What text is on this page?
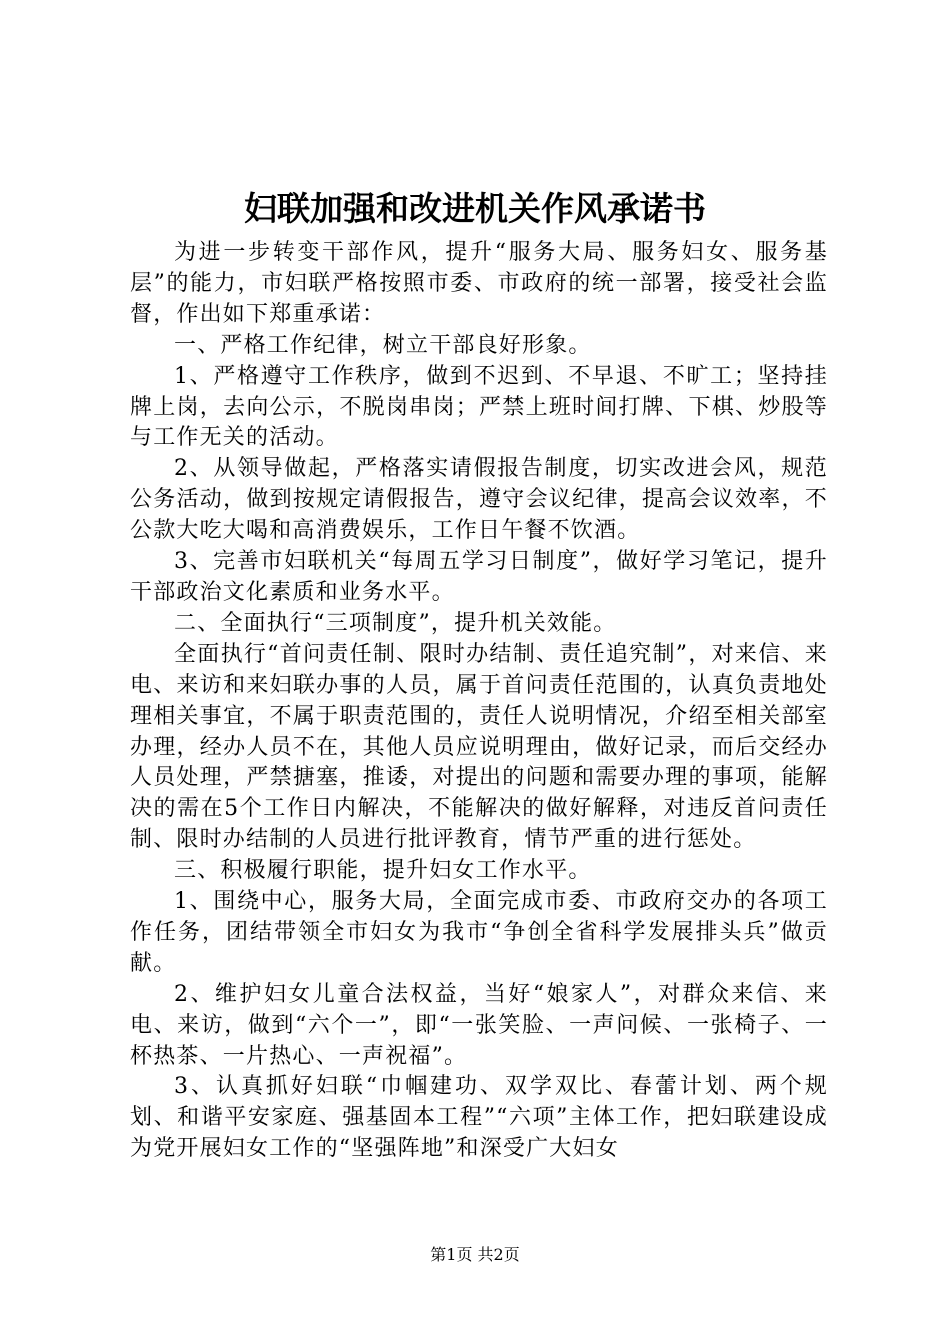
妇联加强和改进机关作风承诺书

为进一步转变干部作风，提升“服务大局、服务妇女、服务基层”的能力，市妇联严格按照市委、市政府的统一部署，接受社会监督，作出如下郑重承诺：

一、严格工作纪律，树立干部良好形象。

1、严格遵守工作秩序，做到不迟到、不早退、不旷工；坚持挂牌上岗，去向公示，不脱岗串岗；严禁上班时间打牌、下棋、炒股等与工作无关的活动。

2、从领导做起，严格落实请假报告制度，切实改进会风，规范公务活动，做到按规定请假报告，遵守会议纪律，提高会议效率，不公款大吃大喝和高消费娱乐，工作日午餐不饮酒。

3、完善市妇联机关“每周五学习日制度”，做好学习笔记，提升干部政治文化素质和业务水平。

二、全面执行“三项制度”，提升机关效能。

全面执行“首问责任制、限时办结制、责任追究制”，对来信、来电、来访和来妇联办事的人员，属于首问责任范围的，认真负责地处理相关事宜，不属于职责范围的，责任人说明情况，介绍至相关部室办理，经办人员不在，其他人员应说明理由，做好记录，而后交经办人员处理，严禁搪塞，推诿，对提出的问题和需要办理的事项，能解决的需在5个工作日内解决，不能解决的做好解释，对违反首问责任制、限时办结制的人员进行批评教育，情节严重的进行惩处。

三、积极履行职能，提升妇女工作水平。

1、围绕中心，服务大局，全面完成市委、市政府交办的各项工作任务，团结带领全市妇女为我市“争创全省科学发展排头兵”做贡献。

2、维护妇女儿童合法权益，当好“娘家人”，对群众来信、来电、来访，做到“六个一”，即“一张笑脸、一声问候、一张椅子、一杯热茶、一片热心、一声祝福”。

3、认真抓好妇联“巾帼建功、双学双比、春蕾计划、两个规划、和谐平安家庭、强基固本工程”“六项”主体工作，把妇联建设成为党开展妇女工作的“坚强阵地”和深受广大妇女

第1页 共2页
